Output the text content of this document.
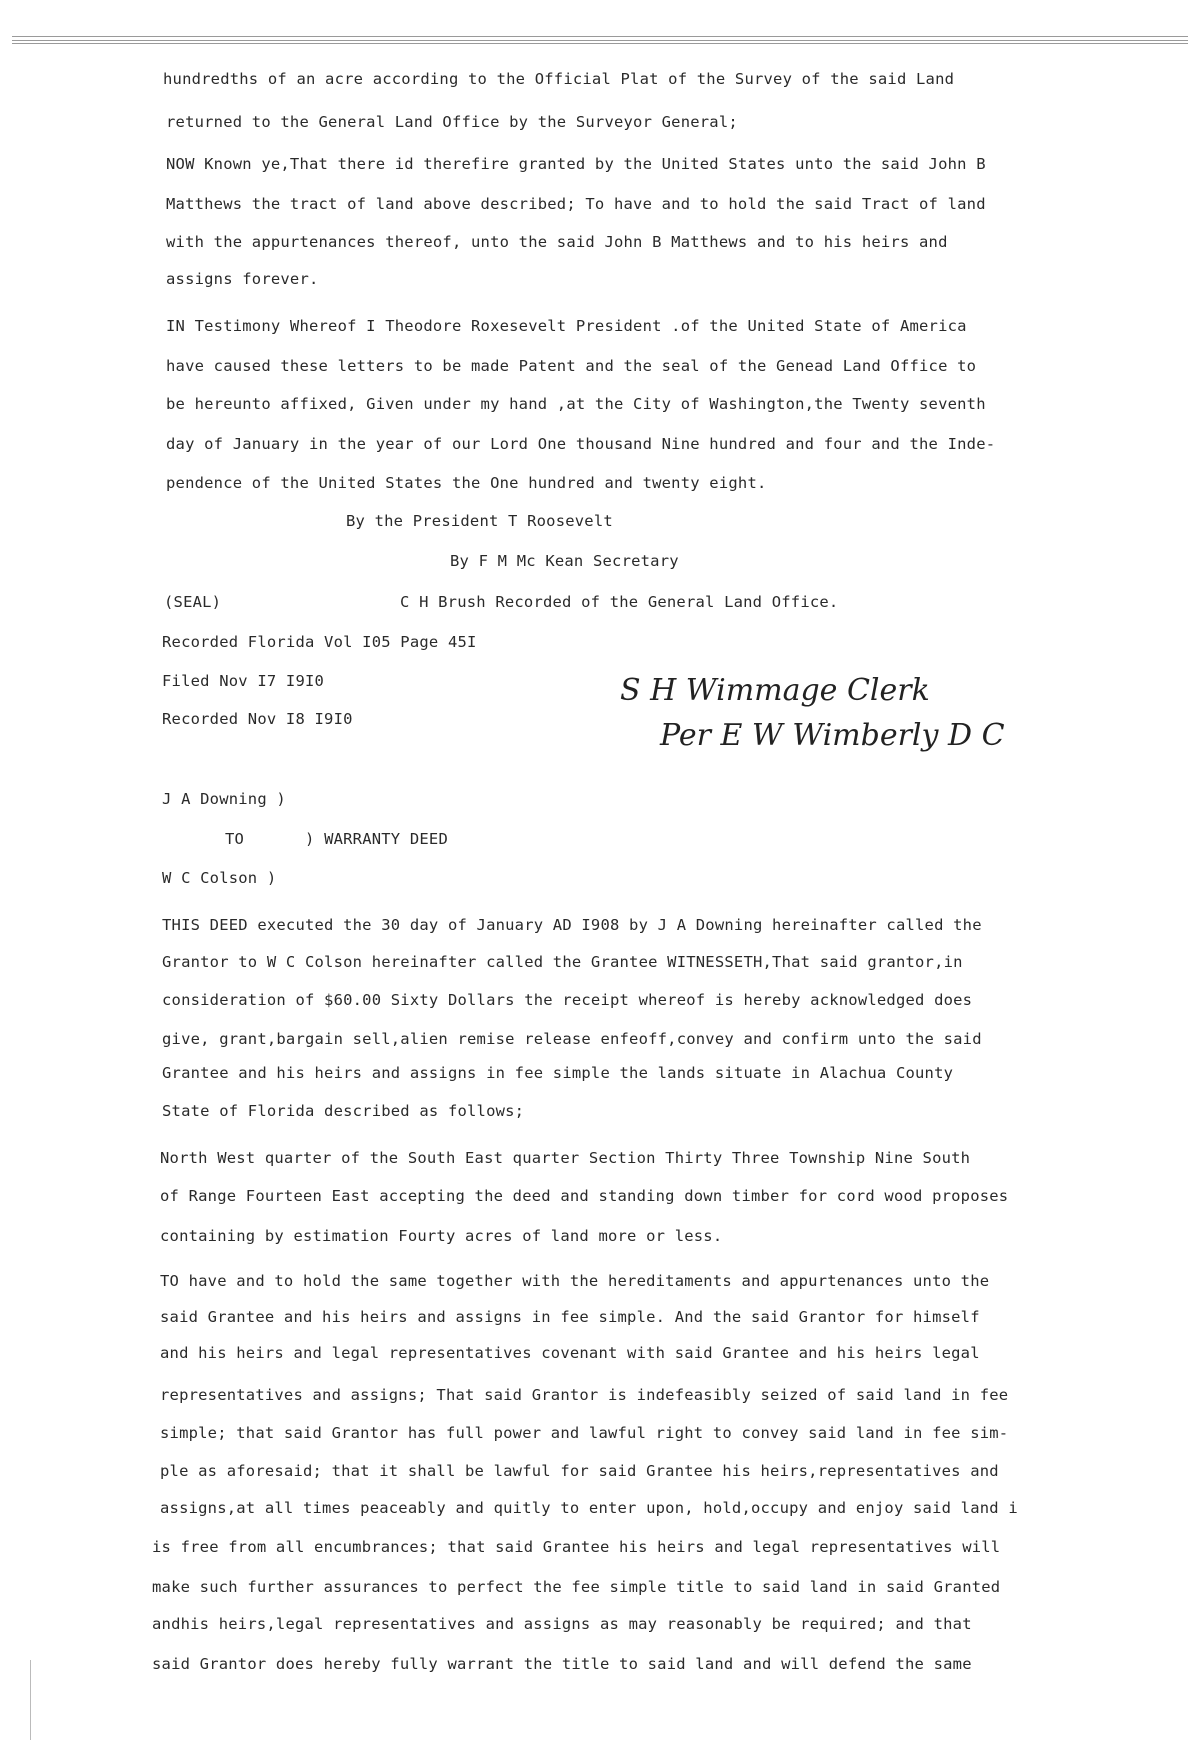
hundredths of an acre according to the Official Plat of the Survey of the said Land
returned to the General Land Office by the Surveyor General;
NOW Known ye,That there id therefire granted by the United States unto the said John B
Matthews the tract of land above described; To have and to hold the said Tract of land
with the appurtenances thereof, unto the said John B Matthews and to his heirs and
assigns forever.
IN Testimony Whereof I Theodore Roxesevelt President .of the United State of America
have caused these letters to be made Patent and the seal of the Genead Land Office to
be hereunto affixed, Given under my hand ,at the City of Washington,the Twenty seventh
day of January in the year of our Lord One thousand Nine hundred and four and the Inde-
pendence of the United States the One hundred and twenty eight.
By the President T Roosevelt
By F M Mc Kean Secretary
(SEAL)	C H Brush Recorded of the General Land Office.
Recorded Florida Vol I05 Page 45I
Filed Nov I7 I9I0
Recorded Nov I8 I9I0
S H Wimmage Clerk
Per E W Wimberly D C
J A Downing )
TO	) WARRANTY DEED
W C Colson )
THIS DEED executed the 30 day of January AD I908 by J A Downing hereinafter called the
Grantor to W C Colson hereinafter called the Grantee WITNESSETH,That said grantor,in
consideration of $60.00 Sixty Dollars the receipt whereof is hereby acknowledged does
give, grant,bargain sell,alien remise release enfeoff,convey and confirm unto the said
Grantee and his heirs and assigns in fee simple the lands situate in Alachua County
State of Florida described as follows;
North West quarter of the South East quarter Section Thirty Three Township Nine South
of Range Fourteen East accepting the deed and standing down timber for cord wood proposes
containing by estimation Fourty acres of land more or less.
TO have and to hold the same together with the hereditaments and appurtenances unto the
said Grantee and his heirs and assigns in fee simple. And the said Grantor for himself
and his heirs and legal representatives covenant with said Grantee and his heirs legal
representatives and assigns; That said Grantor is indefeasibly seized of said land in fee
simple; that said Grantor has full power and lawful right to convey said land in fee sim-
ple as aforesaid; that it shall be lawful for said Grantee his heirs,representatives and
assigns,at all times peaceably and quitly to enter upon, hold,occupy and enjoy said land i
is free from all encumbrances; that said Grantee his heirs and legal representatives will
make such further assurances to perfect the fee simple title to said land in said Granted
andhis heirs,legal representatives and assigns as may reasonably be required; and that
said Grantor does hereby fully warrant the title to said land and will defend the same
